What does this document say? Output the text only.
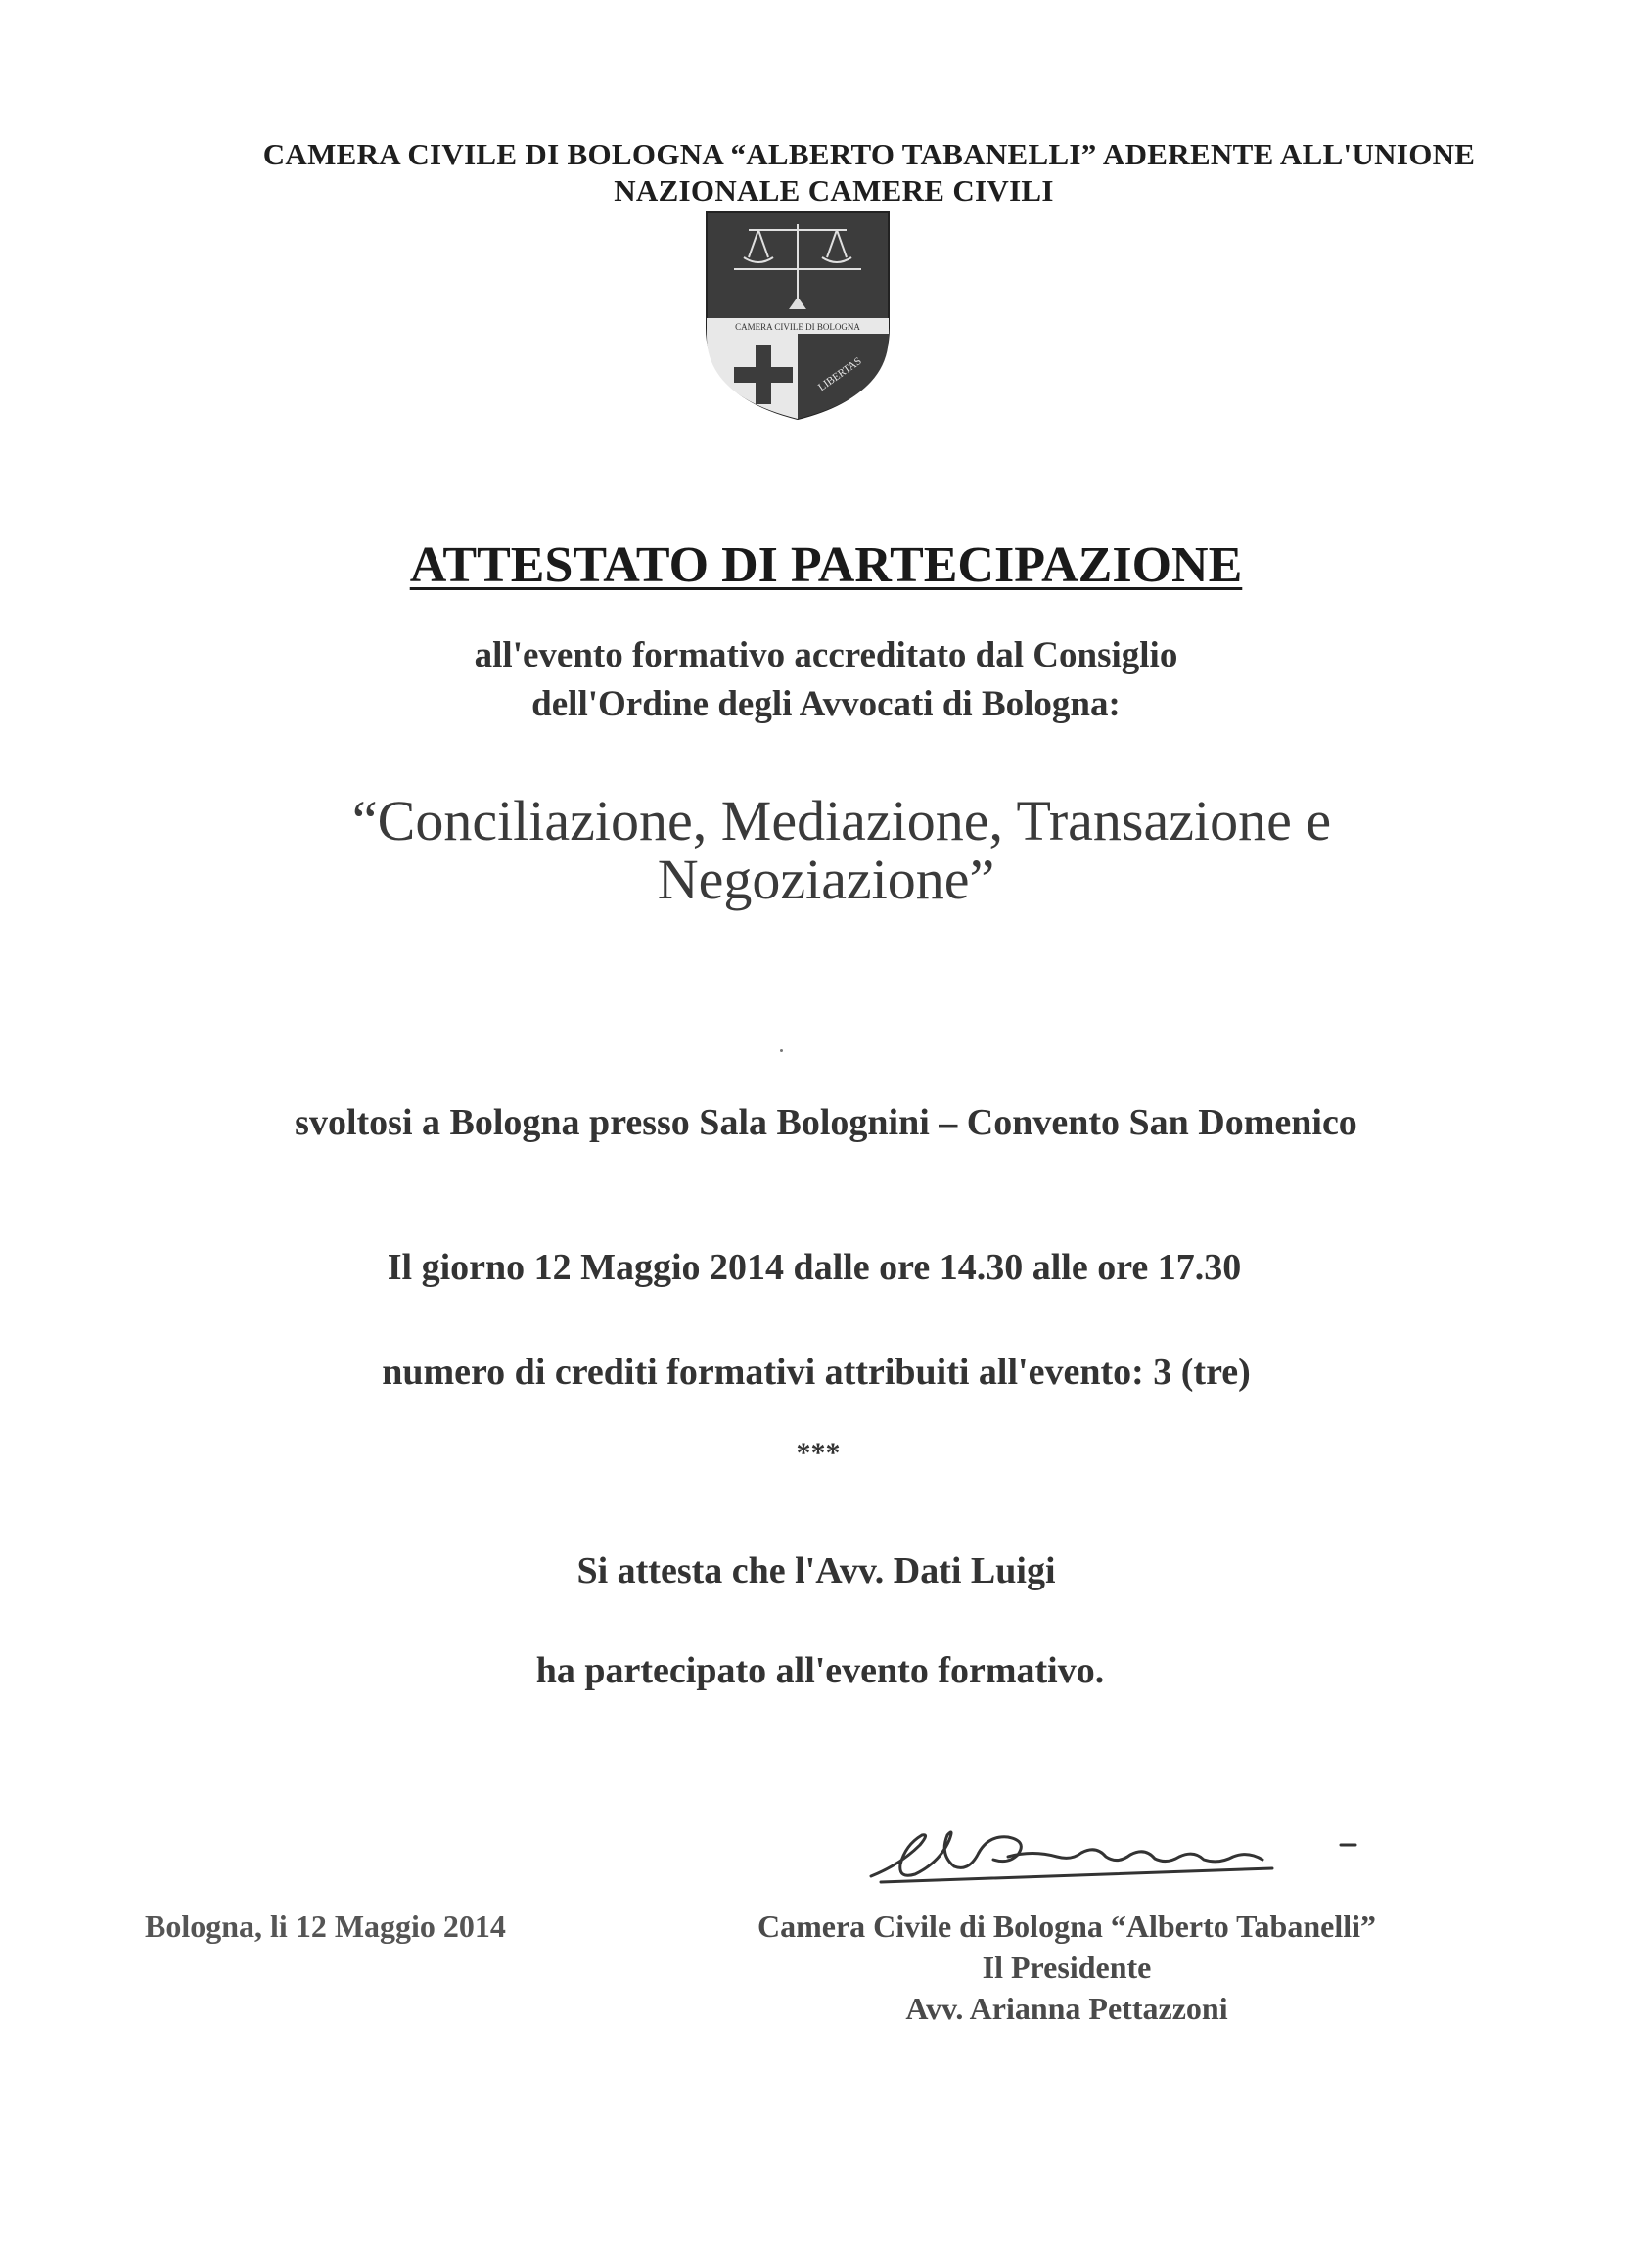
CAMERA CIVILE DI BOLOGNA “ALBERTO TABANELLI” ADERENTE ALL'UNIONE
NAZIONALE CAMERE CIVILI
CAMERA CIVILE DI BOLOGNA
LIBERTAS
ATTESTATO DI PARTECIPAZIONE
all'evento formativo accreditato dal Consiglio
dell'Ordine degli Avvocati di Bologna:
“Conciliazione, Mediazione, Transazione e
Negoziazione”
svoltosi a Bologna presso Sala Bolognini – Convento San Domenico
Il giorno 12 Maggio 2014 dalle ore 14.30 alle ore 17.30
numero di crediti formativi attribuiti all'evento: 3 (tre)
***
Si attesta che l'Avv. Dati Luigi
ha partecipato all'evento formativo.
Bologna, li 12 Maggio 2014	Camera Civile di Bologna “Alberto Tabanelli”
Il Presidente
Avv. Arianna Pettazzoni
